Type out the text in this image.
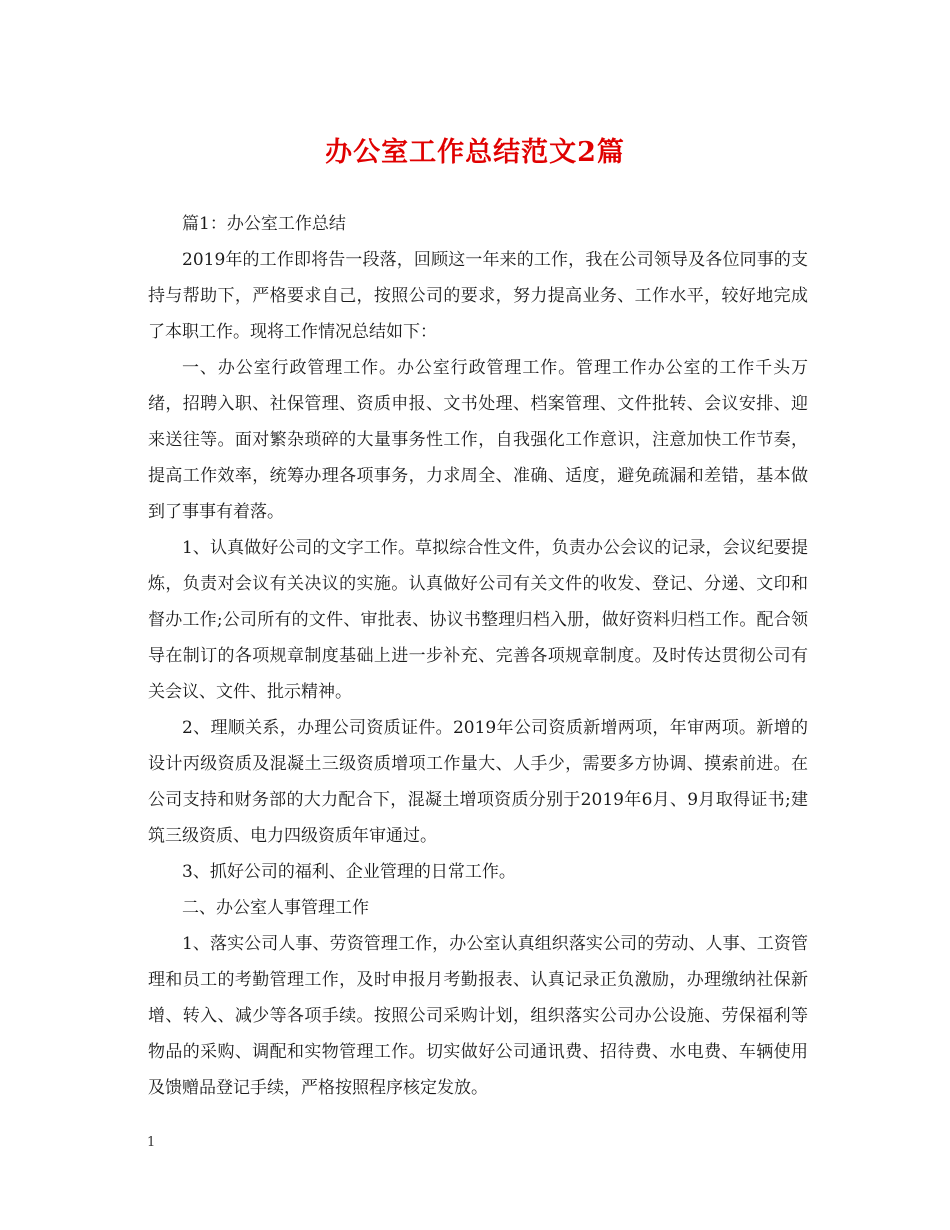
办公室工作总结范文2篇

篇1：办公室工作总结

2019年的工作即将告一段落，回顾这一年来的工作，我在公司领导及各位同事的支持与帮助下，严格要求自己，按照公司的要求，努力提高业务、工作水平，较好地完成了本职工作。现将工作情况总结如下：

一、办公室行政管理工作。办公室行政管理工作。管理工作办公室的工作千头万绪，招聘入职、社保管理、资质申报、文书处理、档案管理、文件批转、会议安排、迎来送往等。面对繁杂琐碎的大量事务性工作，自我强化工作意识，注意加快工作节奏，提高工作效率，统筹办理各项事务，力求周全、准确、适度，避免疏漏和差错，基本做到了事事有着落。

1、认真做好公司的文字工作。草拟综合性文件，负责办公会议的记录，会议纪要提炼，负责对会议有关决议的实施。认真做好公司有关文件的收发、登记、分递、文印和督办工作;公司所有的文件、审批表、协议书整理归档入册，做好资料归档工作。配合领导在制订的各项规章制度基础上进一步补充、完善各项规章制度。及时传达贯彻公司有关会议、文件、批示精神。

2、理顺关系，办理公司资质证件。2019年公司资质新增两项，年审两项。新增的设计丙级资质及混凝土三级资质增项工作量大、人手少，需要多方协调、摸索前进。在公司支持和财务部的大力配合下，混凝土增项资质分别于2019年6月、9月取得证书;建筑三级资质、电力四级资质年审通过。

3、抓好公司的福利、企业管理的日常工作。

二、办公室人事管理工作

1、落实公司人事、劳资管理工作，办公室认真组织落实公司的劳动、人事、工资管理和员工的考勤管理工作，及时申报月考勤报表、认真记录正负激励，办理缴纳社保新增、转入、减少等各项手续。按照公司采购计划，组织落实公司办公设施、劳保福利等物品的采购、调配和实物管理工作。切实做好公司通讯费、招待费、水电费、车辆使用及馈赠品登记手续，严格按照程序核定发放。

1
